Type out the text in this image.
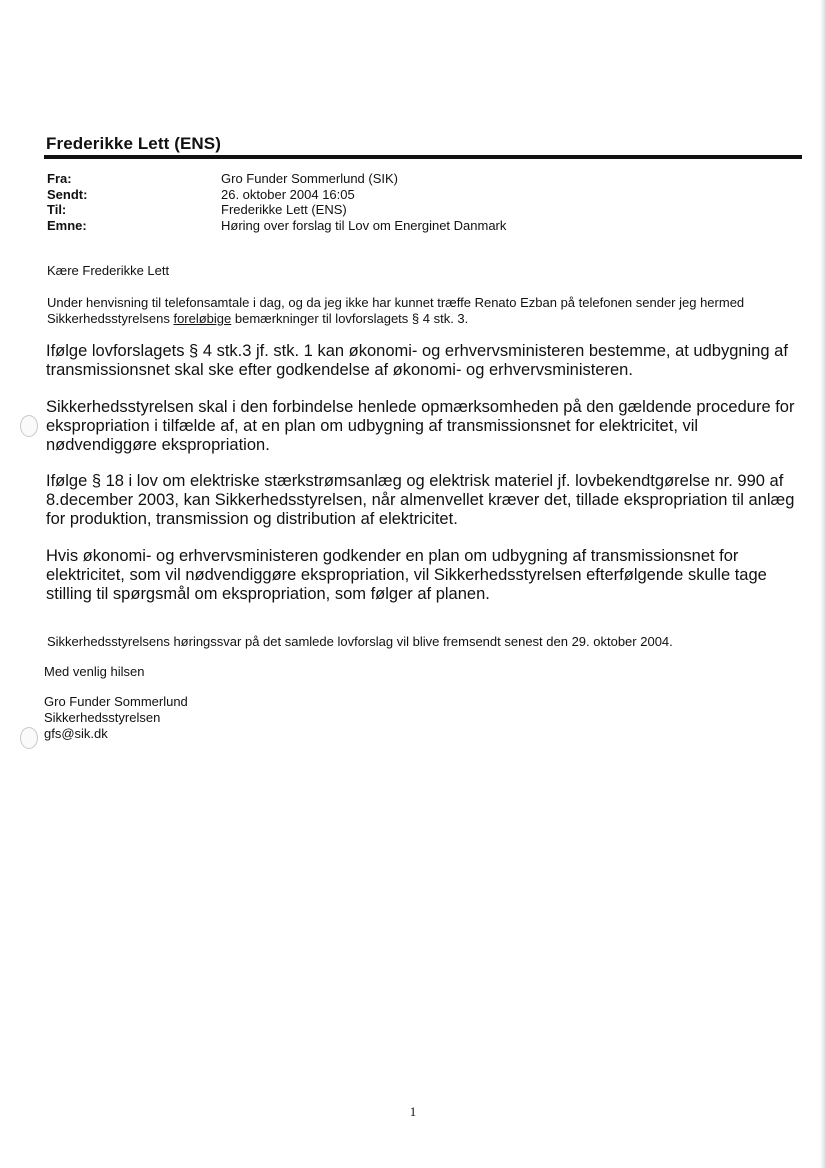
Frederikke Lett (ENS)
Fra:	Gro Funder Sommerlund (SIK)
Sendt:	26. oktober 2004 16:05
Til:	Frederikke Lett (ENS)
Emne:	Høring over forslag til Lov om Energinet Danmark
Kære Frederikke Lett
Under henvisning til telefonsamtale i dag, og da jeg ikke har kunnet træffe Renato Ezban på telefonen sender jeg hermed Sikkerhedsstyrelsens foreløbige bemærkninger til lovforslagets § 4 stk. 3.
Ifølge lovforslagets § 4 stk.3 jf. stk. 1 kan økonomi- og erhvervsministeren bestemme, at udbygning af transmissionsnet skal ske efter godkendelse af økonomi- og erhvervsministeren.
Sikkerhedsstyrelsen skal i den forbindelse henlede opmærksomheden på den gældende procedure for ekspropriation i tilfælde af, at en plan om udbygning af transmissionsnet for elektricitet, vil nødvendiggøre ekspropriation.
Ifølge § 18 i lov om elektriske stærkstrømsanlæg og elektrisk materiel jf. lovbekendtgørelse nr. 990 af 8.december 2003, kan Sikkerhedsstyrelsen, når almenvellet kræver det, tillade ekspropriation til anlæg for produktion, transmission og distribution af elektricitet.
Hvis økonomi- og erhvervsministeren godkender en plan om udbygning af transmissionsnet for elektricitet, som vil nødvendiggøre ekspropriation, vil Sikkerhedsstyrelsen efterfølgende skulle tage stilling til spørgsmål om ekspropriation, som følger af planen.
Sikkerhedsstyrelsens høringssvar på det samlede lovforslag vil blive fremsendt senest den 29. oktober 2004.
Med venlig hilsen
Gro Funder Sommerlund
Sikkerhedsstyrelsen
gfs@sik.dk
1
